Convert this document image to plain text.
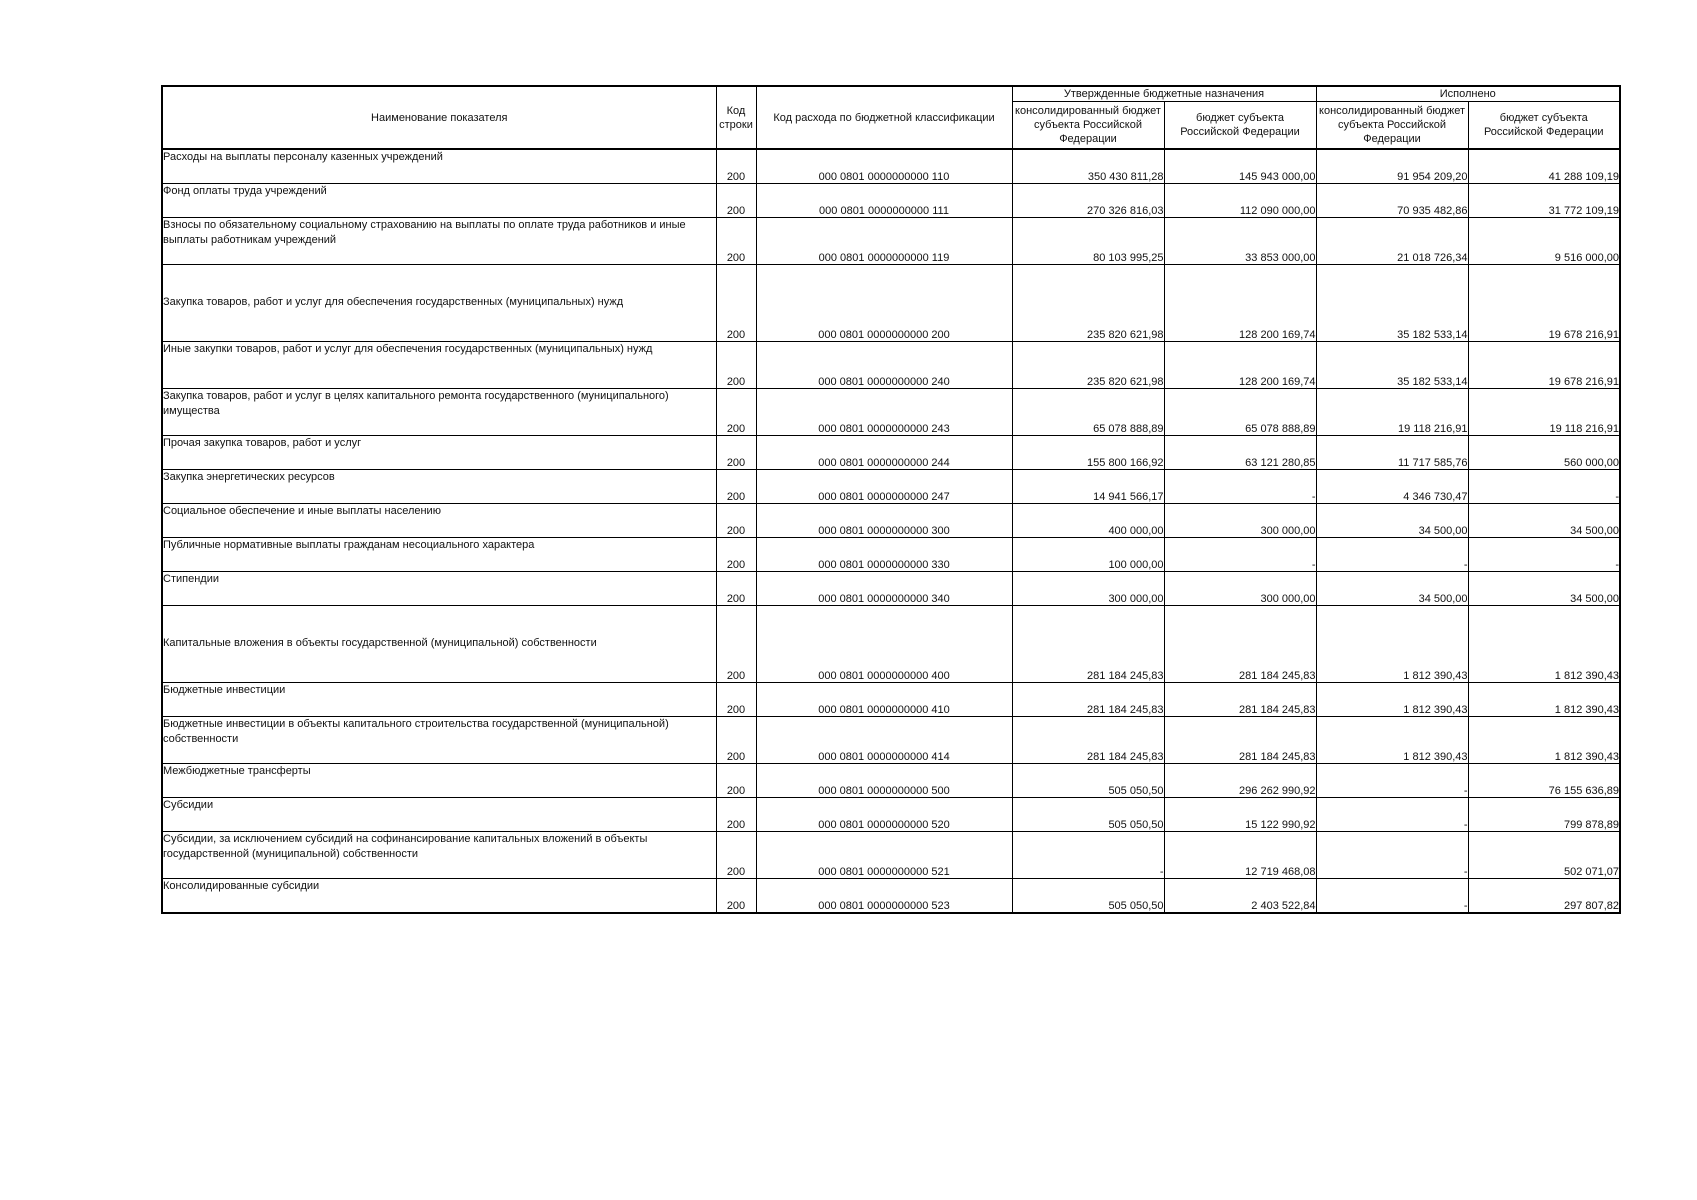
Наименование показателя	Код строки	Код расхода по бюджетной классификации	Утвержденные бюджетные назначения		Исполнено	
			консолидированный бюджет субъекта Российской Федерации	бюджет субъекта Российской Федерации	консолидированный бюджет субъекта Российской Федерации	бюджет субъекта Российской Федерации
Расходы на выплаты персоналу казенных учреждений	200	000 0801 0000000000 110	350 430 811,28	145 943 000,00	91 954 209,20	41 288 109,19
Фонд оплаты труда учреждений	200	000 0801 0000000000 111	270 326 816,03	112 090 000,00	70 935 482,86	31 772 109,19
Взносы по обязательному социальному страхованию на выплаты по оплате труда работников и иные выплаты работникам учреждений	200	000 0801 0000000000 119	80 103 995,25	33 853 000,00	21 018 726,34	9 516 000,00
Закупка товаров, работ и услуг для обеспечения государственных (муниципальных) нужд	200	000 0801 0000000000 200	235 820 621,98	128 200 169,74	35 182 533,14	19 678 216,91
Иные закупки товаров, работ и услуг для обеспечения государственных (муниципальных) нужд	200	000 0801 0000000000 240	235 820 621,98	128 200 169,74	35 182 533,14	19 678 216,91
Закупка товаров, работ и услуг в целях капитального ремонта государственного (муниципального) имущества	200	000 0801 0000000000 243	65 078 888,89	65 078 888,89	19 118 216,91	19 118 216,91
Прочая закупка товаров, работ и услуг	200	000 0801 0000000000 244	155 800 166,92	63 121 280,85	11 717 585,76	560 000,00
Закупка энергетических ресурсов	200	000 0801 0000000000 247	14 941 566,17	-	4 346 730,47	-
Социальное обеспечение и иные выплаты населению	200	000 0801 0000000000 300	400 000,00	300 000,00	34 500,00	34 500,00
Публичные нормативные выплаты гражданам несоциального характера	200	000 0801 0000000000 330	100 000,00	-	-	-
Стипендии	200	000 0801 0000000000 340	300 000,00	300 000,00	34 500,00	34 500,00
Капитальные вложения в объекты государственной (муниципальной) собственности	200	000 0801 0000000000 400	281 184 245,83	281 184 245,83	1 812 390,43	1 812 390,43
Бюджетные инвестиции	200	000 0801 0000000000 410	281 184 245,83	281 184 245,83	1 812 390,43	1 812 390,43
Бюджетные инвестиции в объекты капитального строительства государственной (муниципальной) собственности	200	000 0801 0000000000 414	281 184 245,83	281 184 245,83	1 812 390,43	1 812 390,43
Межбюджетные трансферты	200	000 0801 0000000000 500	505 050,50	296 262 990,92	-	76 155 636,89
Субсидии	200	000 0801 0000000000 520	505 050,50	15 122 990,92	-	799 878,89
Субсидии, за исключением субсидий на софинансирование капитальных вложений в объекты государственной (муниципальной) собственности	200	000 0801 0000000000 521	-	12 719 468,08	-	502 071,07
Консолидированные субсидии	200	000 0801 0000000000 523	505 050,50	2 403 522,84	-	297 807,82
